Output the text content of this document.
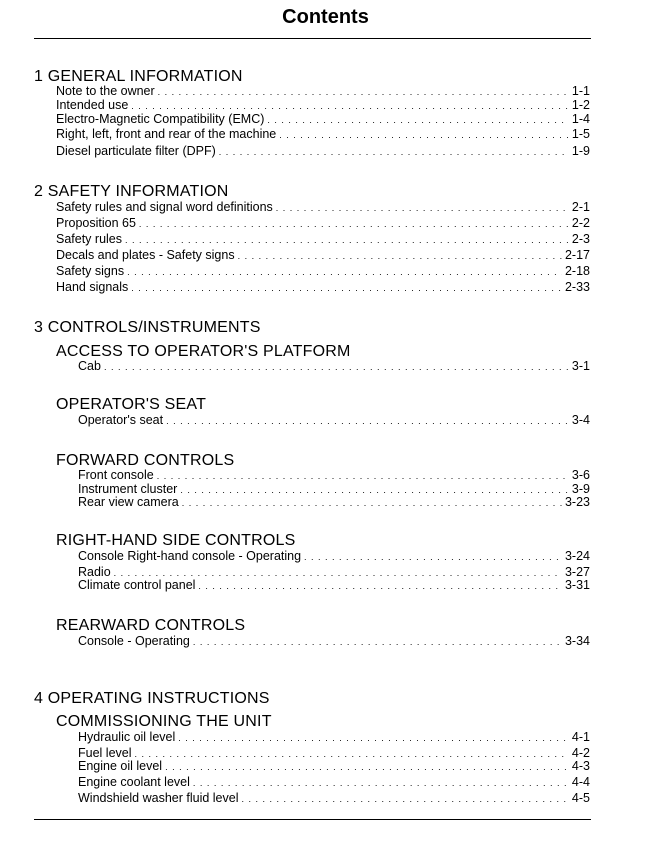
Contents
1 GENERAL INFORMATION
Note to the owner . . .	1-1
Intended use . . .	1-2
Electro-Magnetic Compatibility (EMC) . . .	1-4
Right, left, front and rear of the machine . . .	1-5
Diesel particulate filter (DPF) . . .	1-9
2 SAFETY INFORMATION
Safety rules and signal word definitions . . .	2-1
Proposition 65 . . .	2-2
Safety rules . . .	2-3
Decals and plates - Safety signs . . .	2-17
Safety signs . . .	2-18
Hand signals . . .	2-33
3 CONTROLS/INSTRUMENTS
ACCESS TO OPERATOR'S PLATFORM
Cab . . .	3-1
OPERATOR'S SEAT
Operator's seat . . .	3-4
FORWARD CONTROLS
Front console . . .	3-6
Instrument cluster . . .	3-9
Rear view camera . . .	3-23
RIGHT-HAND SIDE CONTROLS
Console Right-hand console - Operating . . .	3-24
Radio . . .	3-27
Climate control panel . . .	3-31
REARWARD CONTROLS
Console - Operating . . .	3-34
4 OPERATING INSTRUCTIONS
COMMISSIONING THE UNIT
Hydraulic oil level . . .	4-1
Fuel level . . .	4-2
Engine oil level . . .	4-3
Engine coolant level . . .	4-4
Windshield washer fluid level . . .	4-5
